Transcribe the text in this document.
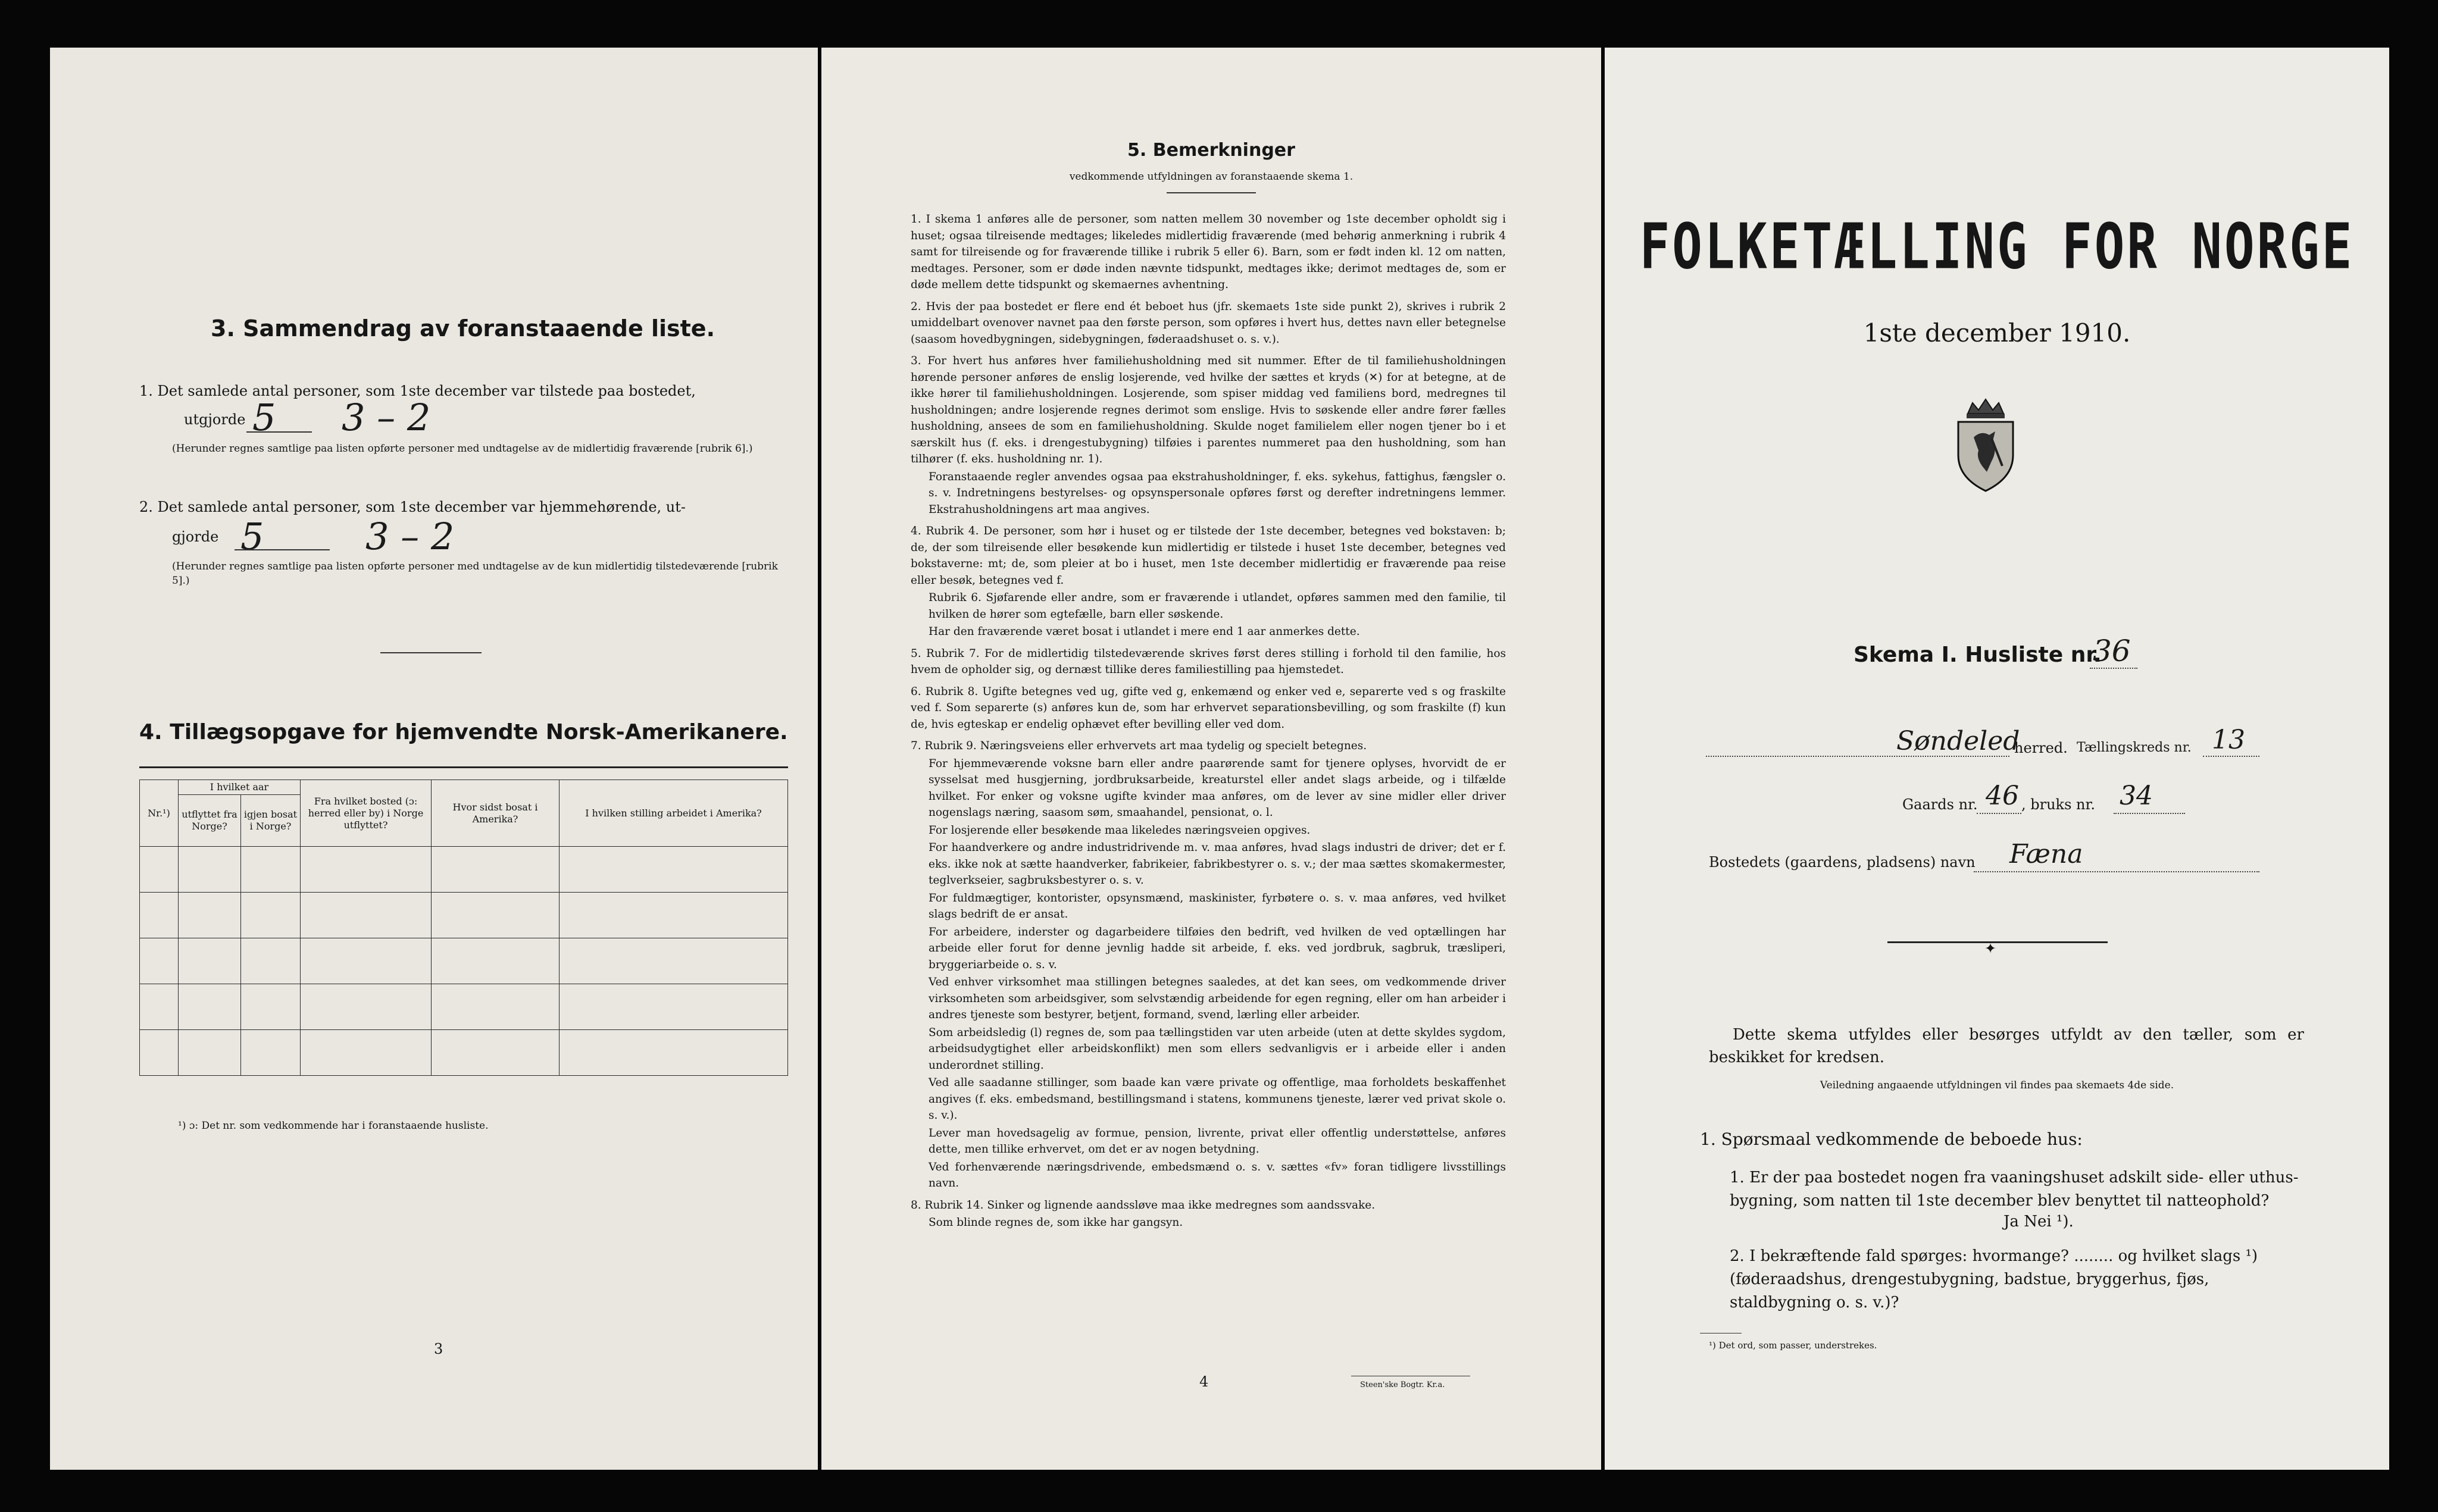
3. Sammendrag av foranstaaende liste.
1. Det samlede antal personer, som 1ste december var tilstede paa bostedet,
utgjorde 5 3 – 2
(Herunder regnes samtlige paa listen opførte personer med undtagelse av de midlertidig fraværende [rubrik 6].)
2. Det samlede antal personer, som 1ste december var hjemmehørende, ut-
gjorde 5	3 – 2
(Herunder regnes samtlige paa listen opførte personer med undtagelse av de kun midlertidig tilstedeværende [rubrik 5].)
4. Tillægsopgave for hjemvendte Norsk-Amerikanere.
Nr.¹)	I hvilket aar		Fra hvilket bosted (ɔ: herred eller by) i Norge utflyttet?	Hvor sidst bosat i Amerika?	I hvilken stilling arbeidet i Amerika?
	utflyttet fra Norge?	igjen bosat i Norge?			

¹) ɔ: Det nr. som vedkommende har i foranstaaende husliste.
3
5. Bemerkninger
vedkommende utfyldningen av foranstaaende skema 1.

1. I skema 1 anføres alle de personer, som natten mellem 30 november og 1ste december opholdt sig i huset; ogsaa tilreisende medtages; likeledes midlertidig fraværende (med behørig anmerkning i rubrik 4 samt for tilreisende og for fraværende tillike i rubrik 5 eller 6). Barn, som er født inden kl. 12 om natten, medtages. Personer, som er døde inden nævnte tidspunkt, medtages ikke; derimot medtages de, som er døde mellem dette tidspunkt og skemaernes avhentning.

2. Hvis der paa bostedet er flere end ét beboet hus (jfr. skemaets 1ste side punkt 2), skrives i rubrik 2 umiddelbart ovenover navnet paa den første person, som opføres i hvert hus, dettes navn eller betegnelse (saasom hovedbygningen, sidebygningen, føderaadshuset o. s. v.).

3. For hvert hus anføres hver familiehusholdning med sit nummer. Efter de til familiehusholdningen hørende personer anføres de enslig losjerende, ved hvilke der sættes et kryds (✕) for at betegne, at de ikke hører til familiehusholdningen. Losjerende, som spiser middag ved familiens bord, medregnes til husholdningen; andre losjerende regnes derimot som enslige. Hvis to søskende eller andre fører fælles husholdning, ansees de som en familiehusholdning. Skulde noget familielem eller nogen tjener bo i et særskilt hus (f. eks. i drengestubygning) tilføies i parentes nummeret paa den husholdning, som han tilhører (f. eks. husholdning nr. 1).

Foranstaaende regler anvendes ogsaa paa ekstrahusholdninger, f. eks. sykehus, fattighus, fængsler o. s. v. Indretningens bestyrelses- og opsynspersonale opføres først og derefter indretningens lemmer. Ekstrahusholdningens art maa angives.

4. Rubrik 4. De personer, som hør i huset og er tilstede der 1ste december, betegnes ved bokstaven: b; de, der som tilreisende eller besøkende kun midlertidig er tilstede i huset 1ste december, betegnes ved bokstaverne: mt; de, som pleier at bo i huset, men 1ste december midlertidig er fraværende paa reise eller besøk, betegnes ved f.

Rubrik 6. Sjøfarende eller andre, som er fraværende i utlandet, opføres sammen med den familie, til hvilken de hører som egtefælle, barn eller søskende.

Har den fraværende været bosat i utlandet i mere end 1 aar anmerkes dette.

5. Rubrik 7. For de midlertidig tilstedeværende skrives først deres stilling i forhold til den familie, hos hvem de opholder sig, og dernæst tillike deres familiestilling paa hjemstedet.

6. Rubrik 8. Ugifte betegnes ved ug, gifte ved g, enkemænd og enker ved e, separerte ved s og fraskilte ved f. Som separerte (s) anføres kun de, som har erhvervet separationsbevilling, og som fraskilte (f) kun de, hvis egteskap er endelig ophævet efter bevilling eller ved dom.

7. Rubrik 9. Næringsveiens eller erhvervets art maa tydelig og specielt betegnes.

For hjemmeværende voksne barn eller andre paarørende samt for tjenere oplyses, hvorvidt de er sysselsat med husgjerning, jordbruksarbeide, kreaturstel eller andet slags arbeide, og i tilfælde hvilket. For enker og voksne ugifte kvinder maa anføres, om de lever av sine midler eller driver nogenslags næring, saasom søm, smaahandel, pensionat, o. l.

For losjerende eller besøkende maa likeledes næringsveien opgives.

For haandverkere og andre industridrivende m. v. maa anføres, hvad slags industri de driver; det er f. eks. ikke nok at sætte haandverker, fabrikeier, fabrikbestyrer o. s. v.; der maa sættes skomakermester, teglverkseier, sagbruksbestyrer o. s. v.

For fuldmægtiger, kontorister, opsynsmænd, maskinister, fyrbøtere o. s. v. maa anføres, ved hvilket slags bedrift de er ansat.

For arbeidere, inderster og dagarbeidere tilføies den bedrift, ved hvilken de ved optællingen har arbeide eller forut for denne jevnlig hadde sit arbeide, f. eks. ved jordbruk, sagbruk, træsliperi, bryggeriarbeide o. s. v.

Ved enhver virksomhet maa stillingen betegnes saaledes, at det kan sees, om vedkommende driver virksomheten som arbeidsgiver, som selvstændig arbeidende for egen regning, eller om han arbeider i andres tjeneste som bestyrer, betjent, formand, svend, lærling eller arbeider.

Som arbeidsledig (l) regnes de, som paa tællingstiden var uten arbeide (uten at dette skyldes sygdom, arbeidsudygtighet eller arbeidskonflikt) men som ellers sedvanligvis er i arbeide eller i anden underordnet stilling.

Ved alle saadanne stillinger, som baade kan være private og offentlige, maa forholdets beskaffenhet angives (f. eks. embedsmand, bestillingsmand i statens, kommunens tjeneste, lærer ved privat skole o. s. v.).

Lever man hovedsagelig av formue, pension, livrente, privat eller offentlig understøttelse, anføres dette, men tillike erhvervet, om det er av nogen betydning.

Ved forhenværende næringsdrivende, embedsmænd o. s. v. sættes «fv» foran tidligere livsstillings navn.

8. Rubrik 14. Sinker og lignende aandssløve maa ikke medregnes som aandssvake.

Som blinde regnes de, som ikke har gangsyn.

4	Steen'ske Bogtr. Kr.a.
FOLKETÆLLING FOR NORGE
1ste december 1910.
Skema I. Husliste nr.
36
Søndeled
herred. Tællingskreds nr. 13
Gaards nr. 46 , bruks nr. 34
Bostedets (gaardens, pladsens) navn Fæna
✦
Dette skema utfyldes eller besørges utfyldt av den tæller, som er beskikket for kredsen.
Veiledning angaaende utfyldningen vil findes paa skemaets 4de side.
1. Spørsmaal vedkommende de beboede hus:
1. Er der paa bostedet nogen fra vaaningshuset adskilt side- eller uthus-bygning, som natten til 1ste december blev benyttet til natteophold?
Ja Nei ¹).
2. I bekræftende fald spørges: hvormange? ........ og hvilket slags ¹) (føderaadshus, drengestubygning, badstue, bryggerhus, fjøs, staldbygning o. s. v.)?
¹) Det ord, som passer, understrekes.
